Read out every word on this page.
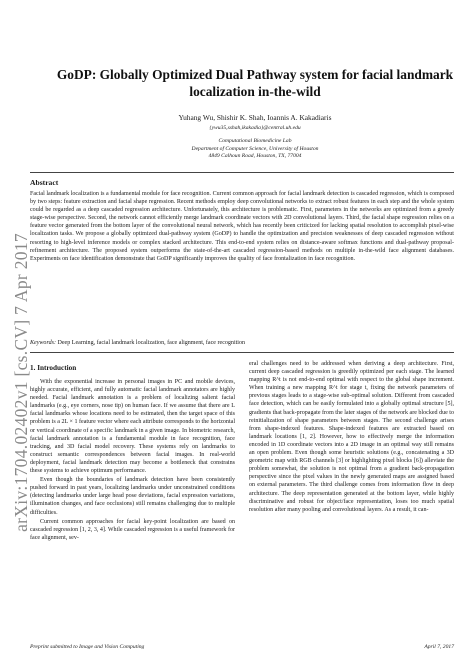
arXiv:1704.02402v1 [cs.CV] 7 Apr 2017
GoDP: Globally Optimized Dual Pathway system for facial landmark localization in-the-wild
Yuhang Wu, Shishir K. Shah, Ioannis A. Kakadiaris
{ywu35,sshah,ikakadia}@central.uh.edu
Computational Biomedicine Lab
Department of Computer Science, University of Houston
4849 Calhoun Road, Houston, TX, 77004
Abstract
Facial landmark localization is a fundamental module for face recognition. Current common approach for facial landmark detection is cascaded regression, which is composed by two steps: feature extraction and facial shape regression. Recent methods employ deep convolutional networks to extract robust features in each step and the whole system could be regarded as a deep cascaded regression architecture. Unfortunately, this architecture is problematic. First, parameters in the networks are optimized from a greedy stage-wise perspective. Second, the network cannot efficiently merge landmark coordinate vectors with 2D convolutional layers. Third, the facial shape regression relies on a feature vector generated from the bottom layer of the convolutional neural network, which has recently been criticized for lacking spatial resolution to accomplish pixel-wise localization tasks. We propose a globally optimized dual-pathway system (GoDP) to handle the optimization and precision weaknesses of deep cascaded regression without resorting to high-level inference models or complex stacked architecture. This end-to-end system relies on distance-aware softmax functions and dual-pathway proposal-refinement architecture. The proposed system outperforms the state-of-the-art cascaded regression-based methods on multiple in-the-wild face alignment databases. Experiments on face identification demonstrate that GoDP significantly improves the quality of face frontalization in face recognition.
Keywords: Deep Learning, facial landmark localization, face alignment, face recognition
1. Introduction

With the exponential increase in personal images in PC and mobile devices, highly accurate, efficient, and fully automatic facial landmark annotators are highly needed. Facial landmark annotation is a problem of localizing salient facial landmarks (e.g., eye corners, nose tip) on human face. If we assume that there are L facial landmarks whose locations need to be estimated, then the target space of this problem is a 2L × 1 feature vector where each attribute corresponds to the horizontal or vertical coordinate of a specific landmark in a given image. In biometric research, facial landmark annotation is a fundamental module in face recognition, face tracking, and 3D facial model recovery. These systems rely on landmarks to construct semantic correspondences between facial images. In real-world deployment, facial landmark detection may become a bottleneck that constrains these systems to achieve optimum performance.

Even though the boundaries of landmark detection have been consistently pushed forward in past years, localizing landmarks under unconstrained conditions (detecting landmarks under large head pose deviations, facial expression variations, illumination changes, and face occlusions) still remains challenging due to multiple difficulties.

Current common approaches for facial key-point localization are based on cascaded regression [1, 2, 3, 4]. While cascaded regression is a useful framework for face alignment, sev-

eral challenges need to be addressed when deriving a deep architecture. First, current deep cascaded regression is greedily optimized per each stage. The learned mapping R^t is not end-to-end optimal with respect to the global shape increment. When training a new mapping R^t for stage t, fixing the network parameters of previous stages leads to a stage-wise sub-optimal solution. Different from cascaded face detection, which can be easily formulated into a globally optimal structure [5], gradients that back-propagate from the later stages of the network are blocked due to reinitialization of shape parameters between stages. The second challenge arises from shape-indexed features. Shape-indexed features are extracted based on landmark locations [1, 2]. However, how to effectively merge the information encoded in 1D coordinate vectors into a 2D image in an optimal way still remains an open problem. Even though some heuristic solutions (e.g., concatenating a 3D geometric map with RGB channels [3] or highlighting pixel blocks [6]) alleviate the problem somewhat, the solution is not optimal from a gradient back-propagation perspective since the pixel values in the newly generated maps are assigned based on external parameters. The third challenge comes from information flow in deep architecture. The deep representation generated at the bottom layer, while highly discriminative and robust for object/face representation, loses too much spatial resolution after many pooling and convolutional layers. As a result, it can-

Preprint submitted to Image and Vision Computing	April 7, 2017
